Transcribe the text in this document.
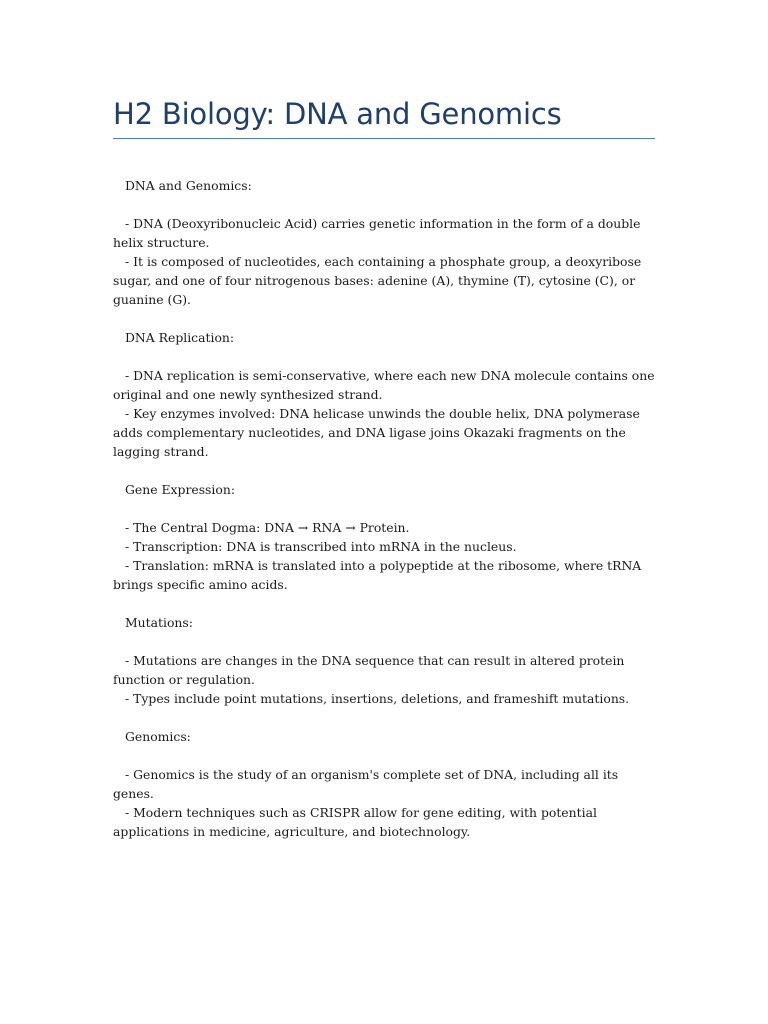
H2 Biology: DNA and Genomics

DNA and Genomics:

- DNA (Deoxyribonucleic Acid) carries genetic information in the form of a double helix structure.

- It is composed of nucleotides, each containing a phosphate group, a deoxyribose sugar, and one of four nitrogenous bases: adenine (A), thymine (T), cytosine (C), or guanine (G).

DNA Replication:

- DNA replication is semi-conservative, where each new DNA molecule contains one original and one newly synthesized strand.

- Key enzymes involved: DNA helicase unwinds the double helix, DNA polymerase adds complementary nucleotides, and DNA ligase joins Okazaki fragments on the lagging strand.

Gene Expression:

- The Central Dogma: DNA → RNA → Protein.

- Transcription: DNA is transcribed into mRNA in the nucleus.

- Translation: mRNA is translated into a polypeptide at the ribosome, where tRNA brings specific amino acids.

Mutations:

- Mutations are changes in the DNA sequence that can result in altered protein function or regulation.

- Types include point mutations, insertions, deletions, and frameshift mutations.

Genomics:

- Genomics is the study of an organism's complete set of DNA, including all its genes.

- Modern techniques such as CRISPR allow for gene editing, with potential applications in medicine, agriculture, and biotechnology.
